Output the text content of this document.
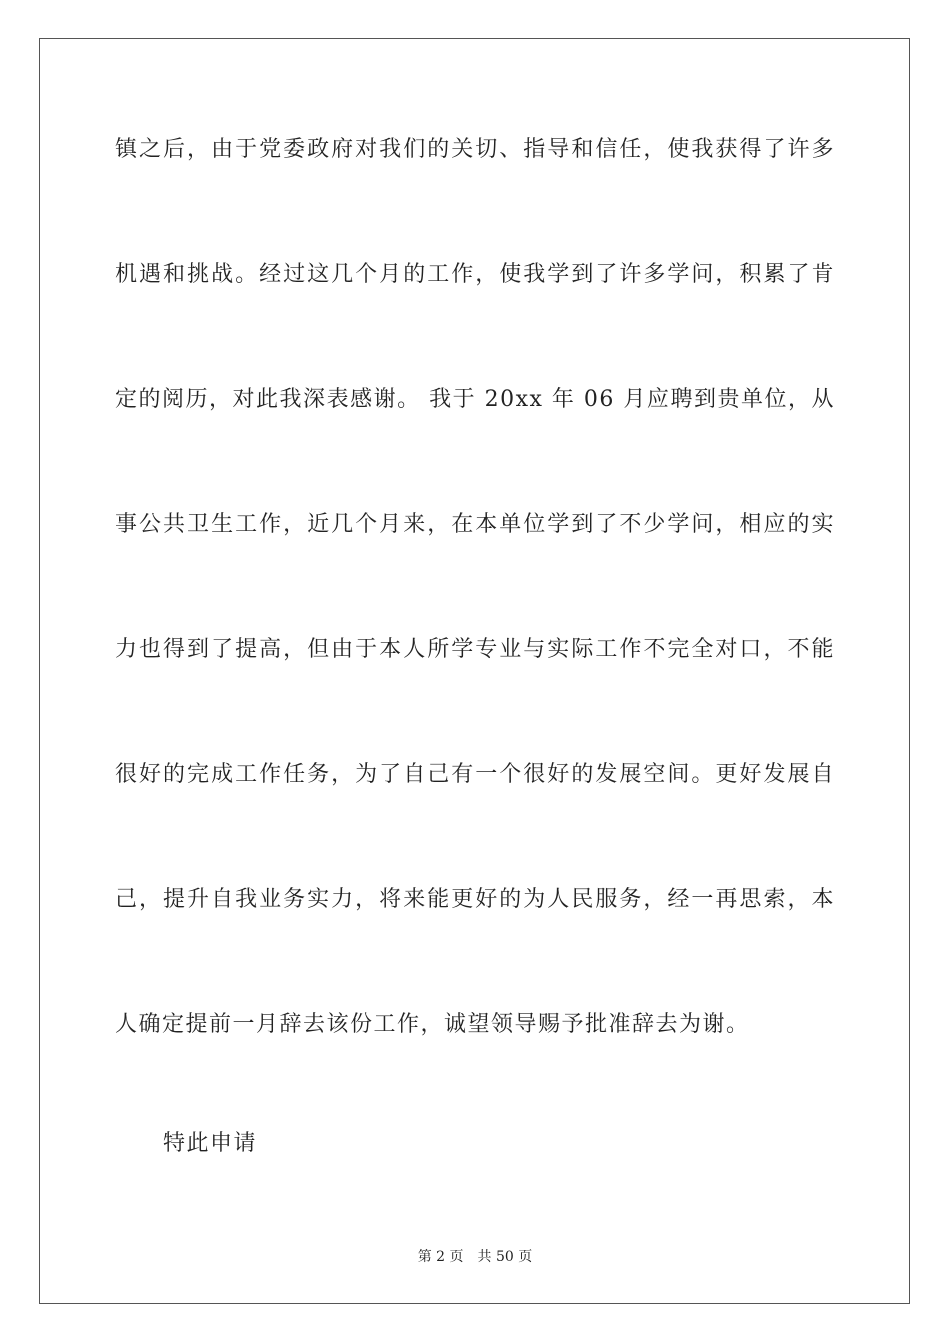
镇之后，由于党委政府对我们的关切、指导和信任，使我获得了许多
机遇和挑战。经过这几个月的工作，使我学到了许多学问，积累了肯
定的阅历，对此我深表感谢。 我于 20xx 年 06 月应聘到贵单位，从
事公共卫生工作，近几个月来，在本单位学到了不少学问，相应的实
力也得到了提高，但由于本人所学专业与实际工作不完全对口，不能
很好的完成工作任务，为了自己有一个很好的发展空间。更好发展自
己，提升自我业务实力，将来能更好的为人民服务，经一再思索，本
人确定提前一月辞去该份工作，诚望领导赐予批准辞去为谢。
特此申请
第 2 页 共 50 页
